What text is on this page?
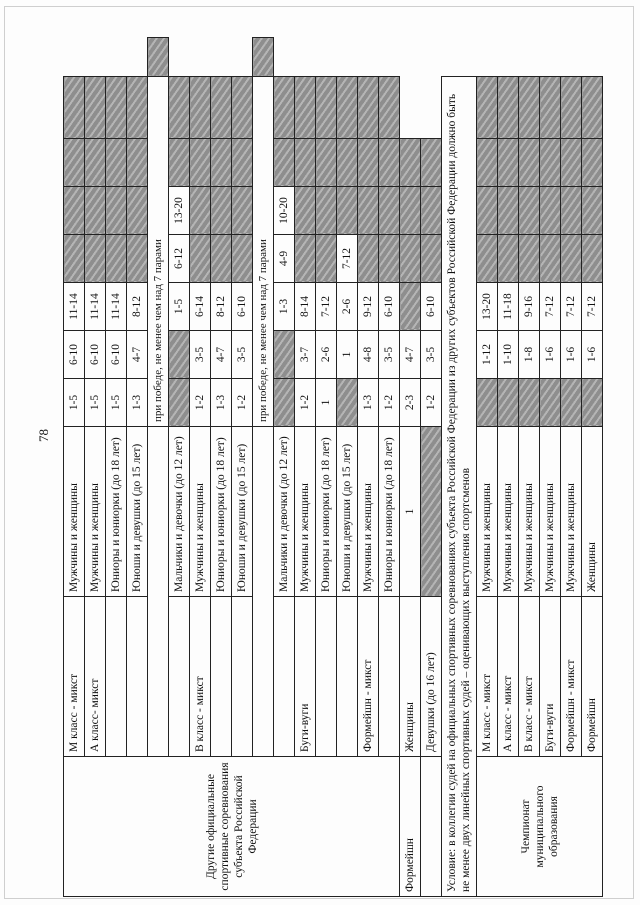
78
Другие официальные спортивные соревнования субъекта Российской Федерации	М класс - микст	Мужчины и женщины	1-5	6-10	11-14					
	А класс- микст	Мужчины и женщины	1-5	6-10	11-14					
		Юниоры и юниорки (до 18 лет)	1-5	6-10	11-14					
		Юноши и девушки (до 15 лет)	1-3	4-7	8-12					
			при победе, не менее чем над 7 парами							
		Мальчики и девочки (до 12 лет)			1-5	6-12	13-20			
	В класс - микст	Мужчины и женщины	1-2	3-5	6-14					
		Юниоры и юниорки (до 18 лет)	1-3	4-7	8-12					
		Юноши и девушки (до 15 лет)	1-2	3-5	6-10					
			при победе, не менее чем над 7 парами							
		Мальчики и девочки (до 12 лет)			1-3	4-9	10-20			
	Буги-вуги	Мужчины и женщины	1-2	3-7	8-14					
		Юниоры и юниорки (до 18 лет)	1	2-6	7-12					
		Юноши и девушки (до 15 лет)		1	2-6	7-12				
	Формейшн - микст	Мужчины и женщины	1-3	4-8	9-12					
		Юниоры и юниорки (до 18 лет)	1-2	3-5	6-10					
Формейшн	Женщины	1	2-3	4-7						
	Девушки (до 16 лет)		1-2	3-5	6-10					
Условие: в коллегии судей на официальных спортивных соревнованиях субъекта Российской Федерации из других субъектов Российской Федерации должно быть не менее двух линейных спортивных судей – оценивающих выступления спортсменов										
Чемпионат муниципального образования	М класс - микст	Мужчины и женщины		1-12	13-20					
	А класс - микст	Мужчины и женщины		1-10	11-18					
	В класс - микст	Мужчины и женщины		1-8	9-16					
	Буги-вуги	Мужчины и женщины		1-6	7-12					
	Формейшн - микст	Мужчины и женщины		1-6	7-12					
	Формейшн	Женщины		1-6	7-12					
